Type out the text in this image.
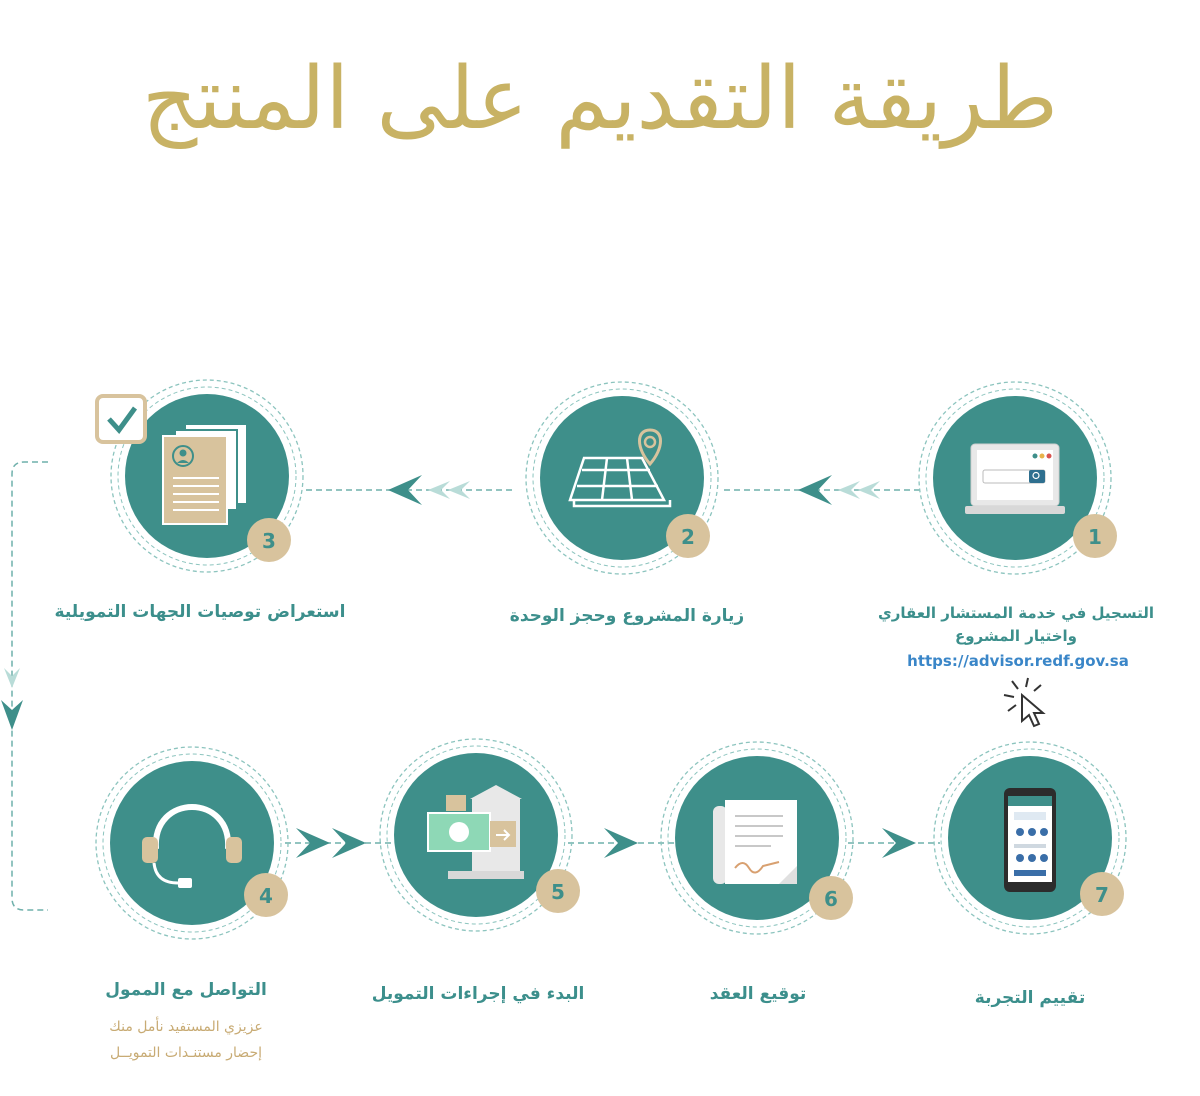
طريقة التقديم على المنتج
1
2
3
4	5	6	7
التسجيل في خدمة المستشار العقاري
واختيار المشروع
https://advisor.redf.gov.sa
زيارة المشروع وحجز الوحدة
استعراض توصيات الجهات التمويلية
التواصل مع الممول
عزيزي المستفيد نأمل منك
إحضار مستنـدات التمويــل
البدء في إجراءات التمويل	توقيع العقد	تقييم التجربة
